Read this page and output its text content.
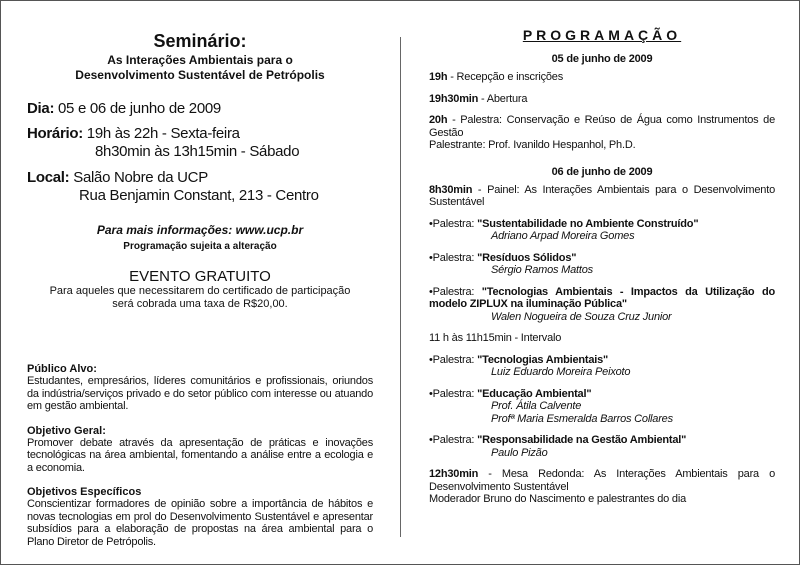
Seminário:
As Interações Ambientais para o
Desenvolvimento Sustentável de Petrópolis
Dia: 05 e 06 de junho de 2009
Horário: 19h às 22h - Sexta-feira
8h30min às 13h15min - Sábado
Local: Salão Nobre da UCP
Rua Benjamin Constant, 213 - Centro
Para mais informações: www.ucp.br
Programação sujeita a alteração
EVENTO GRATUITO
Para aqueles que necessitarem do certificado de participação
será cobrada uma taxa de R$20,00.
Público Alvo:
Estudantes, empresários, líderes comunitários e profissionais, oriundos da indústria/serviços privado e do setor público com interesse ou atuando em gestão ambiental.
Objetivo Geral:
Promover debate através da apresentação de práticas e inovações tecnológicas na área ambiental, fomentando a análise entre a ecologia e a economia.
Objetivos Específicos
Conscientizar formadores de opinião sobre a importância de hábitos e novas tecnologias em prol do Desenvolvimento Sustentável e apresentar subsídios para a elaboração de propostas na área ambiental para o Plano Diretor de Petrópolis.
PROGRAMAÇÃO
05 de junho de 2009
19h - Recepção e inscrições
19h30min - Abertura
20h - Palestra: Conservação e Reúso de Água como Instrumentos de Gestão
Palestrante: Prof. Ivanildo Hespanhol, Ph.D.
06 de junho de 2009
8h30min - Painel: As Interações Ambientais para o Desenvolvimento Sustentável
•Palestra: "Sustentabilidade no Ambiente Construído"
Adriano Arpad Moreira Gomes
•Palestra: "Resíduos Sólidos"
Sérgio Ramos Mattos
•Palestra: "Tecnologias Ambientais - Impactos da Utilização do modelo ZIPLUX na iluminação Pública"
Walen Nogueira de Souza Cruz Junior
11 h às 11h15min - Intervalo
•Palestra: "Tecnologias Ambientais"
Luiz Eduardo Moreira Peixoto
•Palestra: "Educação Ambiental"
Prof. Átila Calvente
Profª Maria Esmeralda Barros Collares
•Palestra: "Responsabilidade na Gestão Ambiental"
Paulo Pizão
12h30min - Mesa Redonda: As Interações Ambientais para o Desenvolvimento Sustentável
Moderador Bruno do Nascimento e palestrantes do dia
